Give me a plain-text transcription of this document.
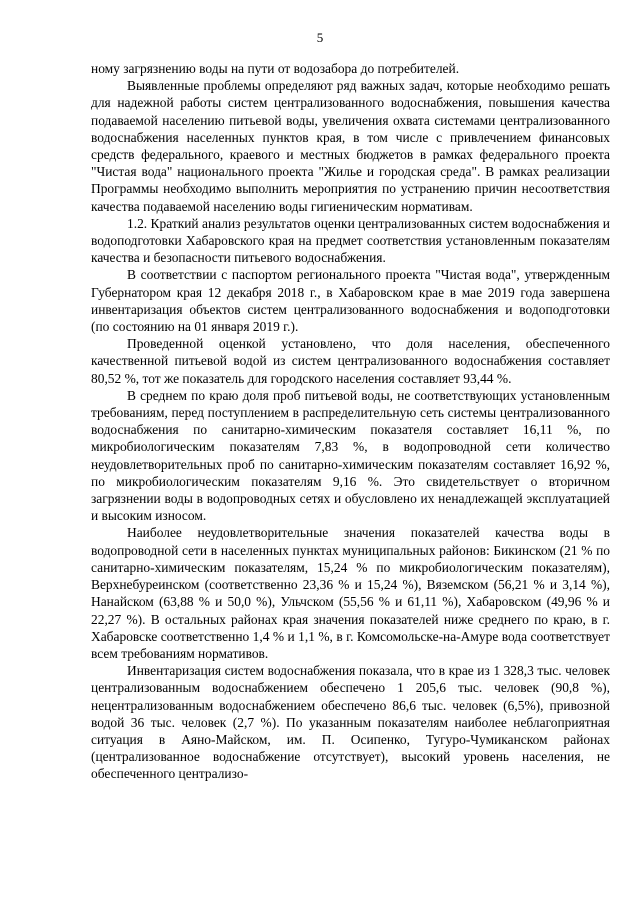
5

ному загрязнению воды на пути от водозабора до потребителей.

Выявленные проблемы определяют ряд важных задач, которые необходимо решать для надежной работы систем централизованного водоснабжения, повышения качества подаваемой населению питьевой воды, увеличения охвата системами централизованного водоснабжения населенных пунктов края, в том числе с привлечением финансовых средств федерального, краевого и местных бюджетов в рамках федерального проекта "Чистая вода" национального проекта "Жилье и городская среда". В рамках реализации Программы необходимо выполнить мероприятия по устранению причин несоответствия качества подаваемой населению воды гигиеническим нормативам.

1.2. Краткий анализ результатов оценки централизованных систем водоснабжения и водоподготовки Хабаровского края на предмет соответствия установленным показателям качества и безопасности питьевого водоснабжения.

В соответствии с паспортом регионального проекта "Чистая вода", утвержденным Губернатором края 12 декабря 2018 г., в Хабаровском крае в мае 2019 года завершена инвентаризация объектов систем централизованного водоснабжения и водоподготовки (по состоянию на 01 января 2019 г.).

Проведенной оценкой установлено, что доля населения, обеспеченного качественной питьевой водой из систем централизованного водоснабжения составляет 80,52 %, тот же показатель для городского населения составляет 93,44 %.

В среднем по краю доля проб питьевой воды, не соответствующих установленным требованиям, перед поступлением в распределительную сеть системы централизованного водоснабжения по санитарно-химическим показателя составляет 16,11 %, по микробиологическим показателям 7,83 %, в водопроводной сети количество неудовлетворительных проб по санитарно-химическим показателям составляет 16,92 %, по микробиологическим показателям 9,16 %. Это свидетельствует о вторичном загрязнении воды в водопроводных сетях и обусловлено их ненадлежащей эксплуатацией и высоким износом.

Наиболее неудовлетворительные значения показателей качества воды в водопроводной сети в населенных пунктах муниципальных районов: Бикинском (21 % по санитарно-химическим показателям, 15,24 % по микробиологическим показателям), Верхнебуреинском (соответственно 23,36 % и 15,24 %), Вяземском (56,21 % и 3,14 %), Нанайском (63,88 % и 50,0 %), Ульчском (55,56 % и 61,11 %), Хабаровском (49,96 % и 22,27 %). В остальных районах края значения показателей ниже среднего по краю, в г. Хабаровске соответственно 1,4 % и 1,1 %, в г. Комсомольске-на-Амуре вода соответствует всем требованиям нормативов.

Инвентаризация систем водоснабжения показала, что в крае из 1 328,3 тыс. человек централизованным водоснабжением обеспечено 1 205,6 тыс. человек (90,8 %), нецентрализованным водоснабжением обеспечено 86,6 тыс. человек (6,5%), привозной водой 36 тыс. человек (2,7 %). По указанным показателям наиболее неблагоприятная ситуация в Аяно-Майском, им. П. Осипенко, Тугуро-Чумиканском районах (централизованное водоснабжение отсутствует), высокий уровень населения, не обеспеченного централизо-
